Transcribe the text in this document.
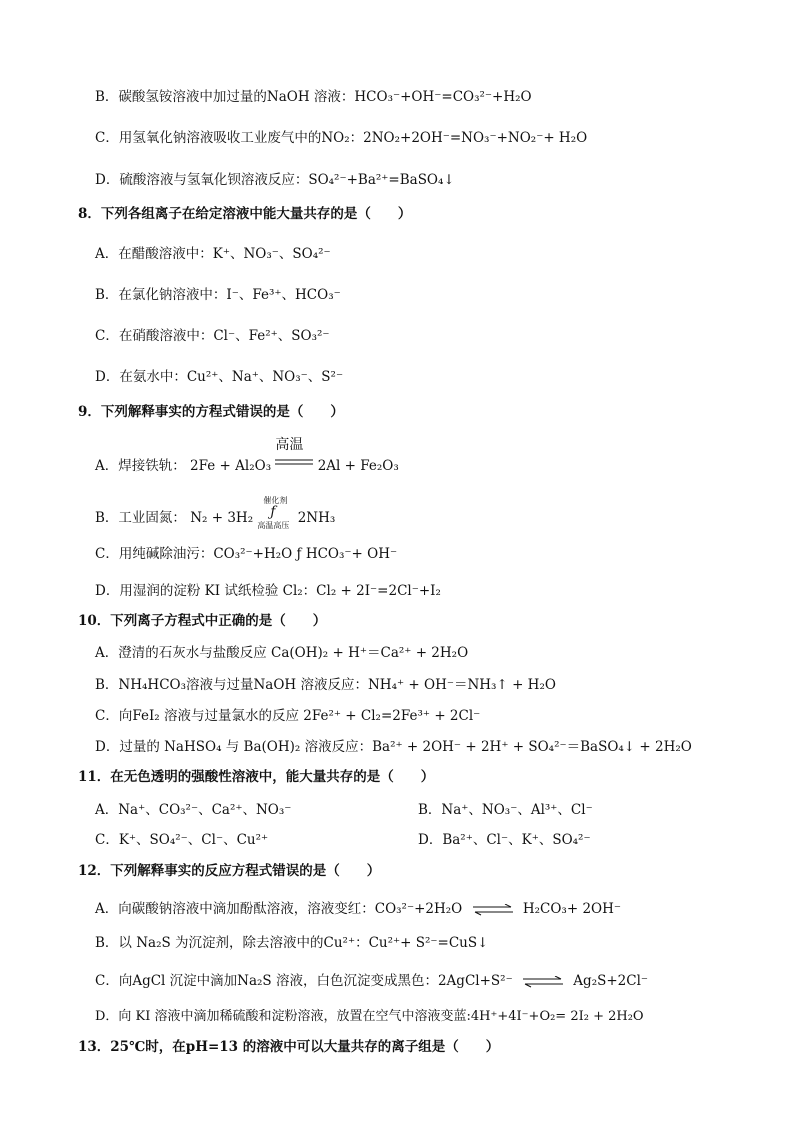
B．碳酸氢铵溶液中加过量的NaOH 溶液：HCO₃⁻+OH⁻=CO₃²⁻+H₂O
C．用氢氧化钠溶液吸收工业废气中的NO₂：2NO₂+2OH⁻=NO₃⁻+NO₂⁻+ H₂O
D．硫酸溶液与氢氧化钡溶液反应：SO₄²⁻+Ba²⁺=BaSO₄↓
8．下列各组离子在给定溶液中能大量共存的是（　　）
A．在醋酸溶液中：K⁺、NO₃⁻、SO₄²⁻
B．在氯化钠溶液中：I⁻、Fe³⁺、HCO₃⁻
C．在硝酸溶液中：Cl⁻、Fe²⁺、SO₃²⁻
D．在氨水中：Cu²⁺、Na⁺、NO₃⁻、S²⁻
9．下列解释事实的方程式错误的是（　　）
A．焊接铁轨： 2Fe + Al₂O₃
高温
2Al + Fe₂O₃
B．工业固氮： N₂ + 3H₂
催化剂
ƒ
高温高压 2NH₃
C．用纯碱除油污：CO₃²⁻+H₂O ƒ HCO₃⁻+ OH⁻
D．用湿润的淀粉 KI 试纸检验 Cl₂：Cl₂ + 2I⁻=2Cl⁻+I₂
10．下列离子方程式中正确的是（　　）
A．澄清的石灰水与盐酸反应 Ca(OH)₂ + H⁺＝Ca²⁺ + 2H₂O
B．NH₄HCO₃溶液与过量NaOH 溶液反应：NH₄⁺ + OH⁻＝NH₃↑ + H₂O
C．向FeI₂ 溶液与过量氯水的反应 2Fe²⁺ + Cl₂=2Fe³⁺ + 2Cl⁻
D．过量的 NaHSO₄ 与 Ba(OH)₂ 溶液反应：Ba²⁺ + 2OH⁻ + 2H⁺ + SO₄²⁻＝BaSO₄↓ + 2H₂O
11．在无色透明的强酸性溶液中，能大量共存的是（　　）
A．Na⁺、CO₃²⁻、Ca²⁺、NO₃⁻	B．Na⁺、NO₃⁻、Al³⁺、Cl⁻
C．K⁺、SO₄²⁻、Cl⁻、Cu²⁺	D．Ba²⁺、Cl⁻、K⁺、SO₄²⁻
12．下列解释事实的反应方程式错误的是（　　）
A．向碳酸钠溶液中滴加酚酞溶液，溶液变红：CO₃²⁻+2H₂O ⇌ H₂CO₃+ 2OH⁻
B．以 Na₂S 为沉淀剂，除去溶液中的Cu²⁺：Cu²⁺+ S²⁻=CuS↓
C．向AgCl 沉淀中滴加Na₂S 溶液，白色沉淀变成黑色：2AgCl+S²⁻ ⇌ Ag₂S+2Cl⁻
D．向 KI 溶液中滴加稀硫酸和淀粉溶液，放置在空气中溶液变蓝:4H⁺+4I⁻+O₂= 2I₂ + 2H₂O
13．25℃时，在pH=13 的溶液中可以大量共存的离子组是（　　）
